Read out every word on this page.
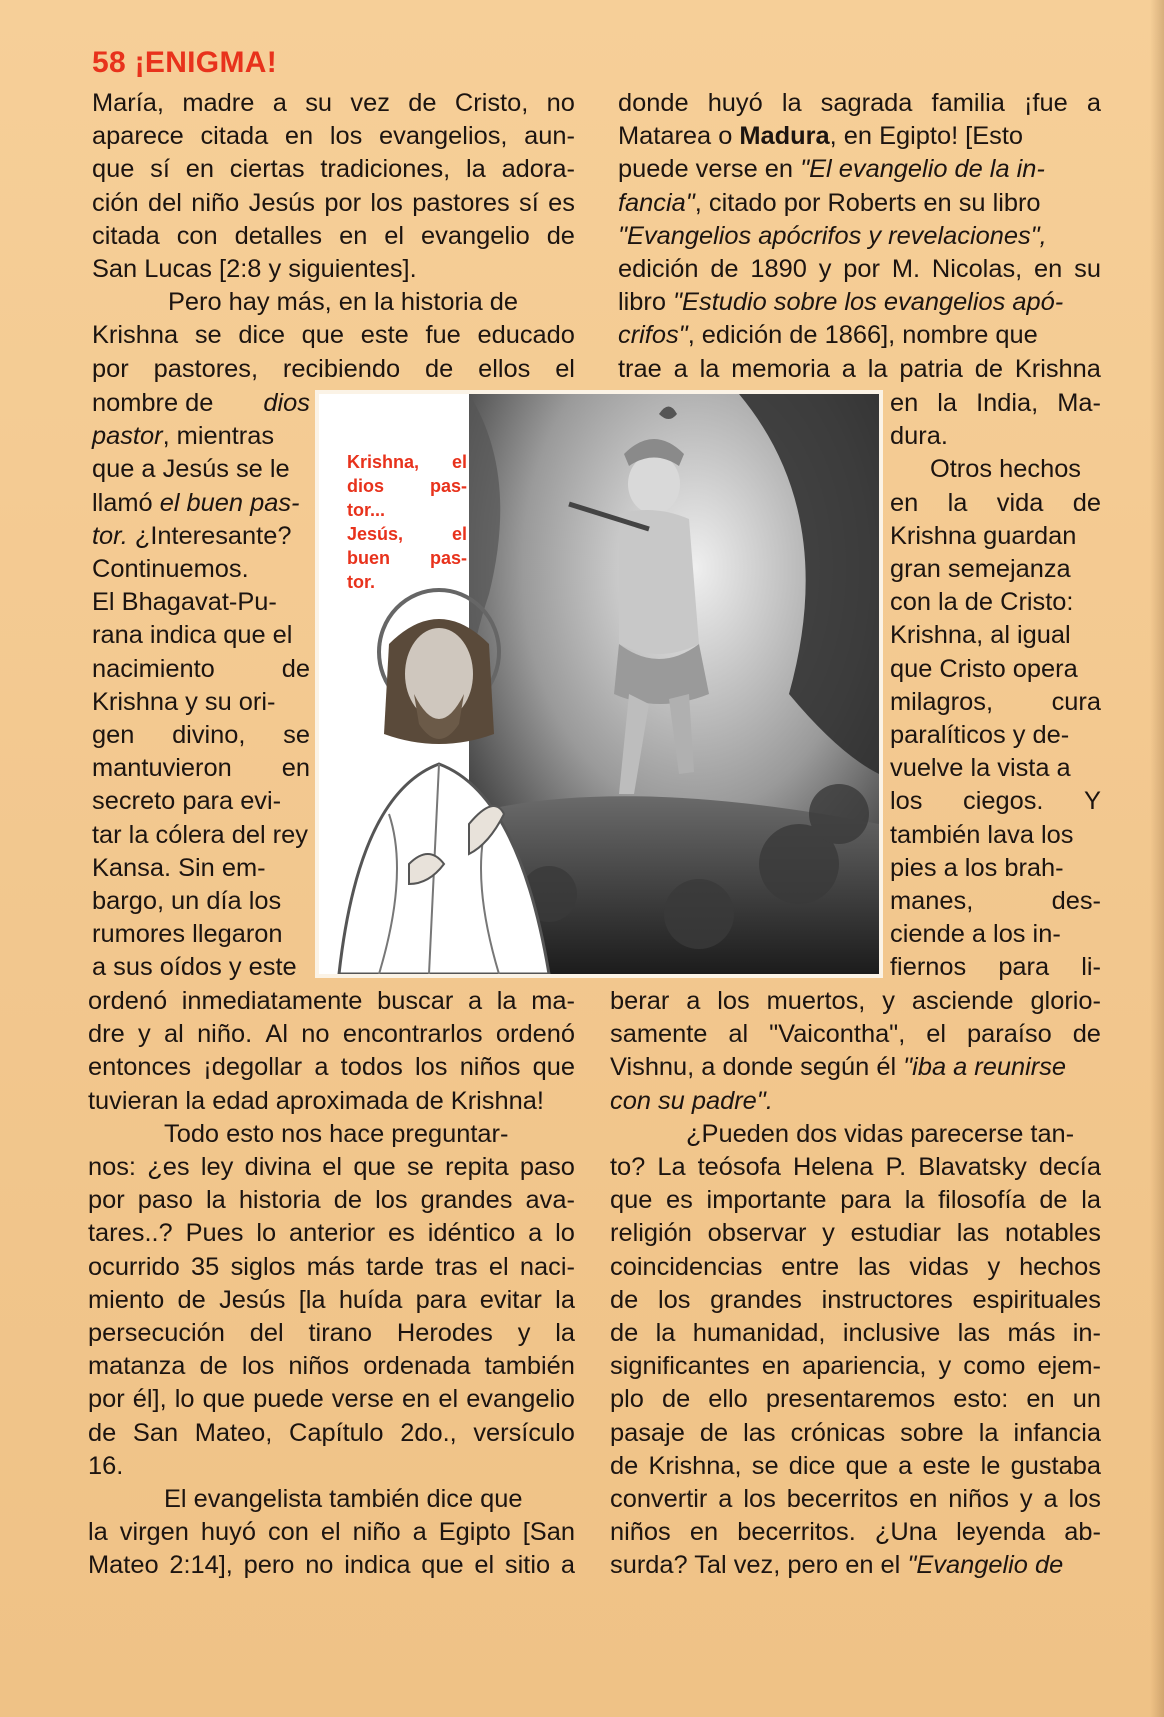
58 ¡ENIGMA!
María, madre a su vez de Cristo, no
aparece citada en los evangelios, aun-
que sí en ciertas tradiciones, la adora-
ción del niño Jesús por los pastores sí es
citada con detalles en el evangelio de
San Lucas [2:8 y siguientes].
Pero hay más, en la historia de
Krishna se dice que este fue educado
por pastores, recibiendo de ellos el
nombre de dios
pastor, mientras
que a Jesús se le
llamó el buen pas-
tor. ¿Interesante?
Continuemos.
El Bhagavat-Pu-
rana indica que el
nacimiento	de
Krishna y su ori-
gen divino, se
mantuvieron en
secreto para evi-
tar la cólera del rey
Kansa. Sin em-
bargo, un día los
rumores llegaron
a sus oídos y este
Krishna, el
dios	pas-
tor...
Jesús,	el
buen pas-
tor.
ordenó inmediatamente buscar a la ma-
dre y al niño. Al no encontrarlos ordenó
entonces ¡degollar a todos los niños que
tuvieran la edad aproximada de Krishna!
Todo esto nos hace preguntar-
nos: ¿es ley divina el que se repita paso
por paso la historia de los grandes ava-
tares..? Pues lo anterior es idéntico a lo
ocurrido 35 siglos más tarde tras el naci-
miento de Jesús [la huída para evitar la
persecución del tirano Herodes y la
matanza de los niños ordenada también
por él], lo que puede verse en el evangelio
de San Mateo, Capítulo 2do., versículo
16.
El evangelista también dice que
la virgen huyó con el niño a Egipto [San
Mateo 2:14], pero no indica que el sitio a
donde huyó la sagrada familia ¡fue a
Matarea o Madura, en Egipto! [Esto
puede verse en "El evangelio de la in-
fancia", citado por Roberts en su libro
"Evangelios apócrifos y revelaciones",
edición de 1890 y por M. Nicolas, en su
libro "Estudio sobre los evangelios apó-
crifos", edición de 1866], nombre que
trae a la memoria a la patria de Krishna
en la India, Ma-
dura.
Otros hechos
en la vida de
Krishna guardan
gran semejanza
con la de Cristo:
Krishna, al igual
que Cristo opera
milagros, cura
paralíticos y de-
vuelve la vista a
los ciegos. Y
también lava los
pies a los brah-
manes,	des-
ciende a los in-
fiernos para li-
berar a los muertos, y asciende glorio-
samente al "Vaicontha", el paraíso de
Vishnu, a donde según él "iba a reunirse
con su padre".
¿Pueden dos vidas parecerse tan-
to? La teósofa Helena P. Blavatsky decía
que es importante para la filosofía de la
religión observar y estudiar las notables
coincidencias entre las vidas y hechos
de los grandes instructores espirituales
de la humanidad, inclusive las más in-
significantes en apariencia, y como ejem-
plo de ello presentaremos esto: en un
pasaje de las crónicas sobre la infancia
de Krishna, se dice que a este le gustaba
convertir a los becerritos en niños y a los
niños en becerritos. ¿Una leyenda ab-
surda? Tal vez, pero en el "Evangelio de
